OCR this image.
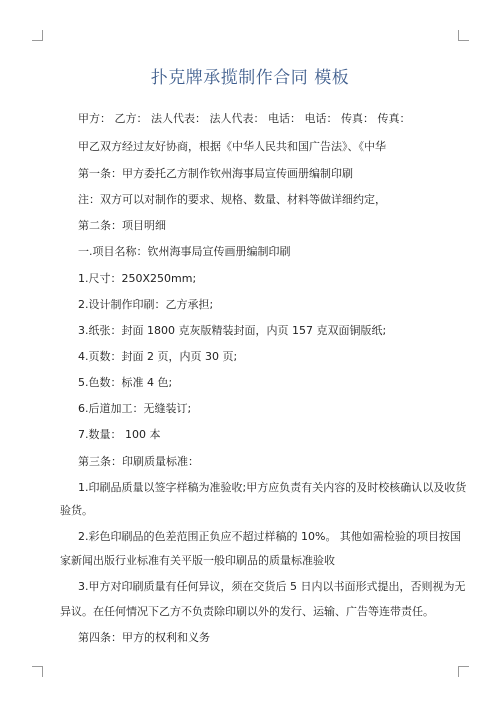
扑克牌承揽制作合同 模板
甲方： 乙方： 法人代表： 法人代表： 电话： 电话： 传真： 传真：
甲乙双方经过友好协商，根据《中华人民共和国广告法》、《中华
第一条：甲方委托乙方制作钦州海事局宣传画册编制印刷
注：双方可以对制作的要求、规格、数量、材料等做详细约定，
第二条：项目明细
一.项目名称：钦州海事局宣传画册编制印刷
1.尺寸：250X250mm;
2.设计制作印刷：乙方承担;
3.纸张：封面 1800 克灰版精装封面，内页 157 克双面铜版纸;
4.页数：封面 2 页，内页 30 页;
5.色数：标准 4 色;
6.后道加工：无缝装订;
7.数量： 100 本
第三条：印刷质量标准：
1.印刷品质量以签字样稿为准验收;甲方应负责有关内容的及时校核确认以及收货
验货。
2.彩色印刷品的色差范围正负应不超过样稿的 10%。 其他如需检验的项目按国
家新闻出版行业标准有关平版一般印刷品的质量标准验收
3.甲方对印刷质量有任何异议，须在交货后 5 日内以书面形式提出，否则视为无
异议。在任何情况下乙方不负责除印刷以外的发行、运输、广告等连带责任。
第四条：甲方的权利和义务
